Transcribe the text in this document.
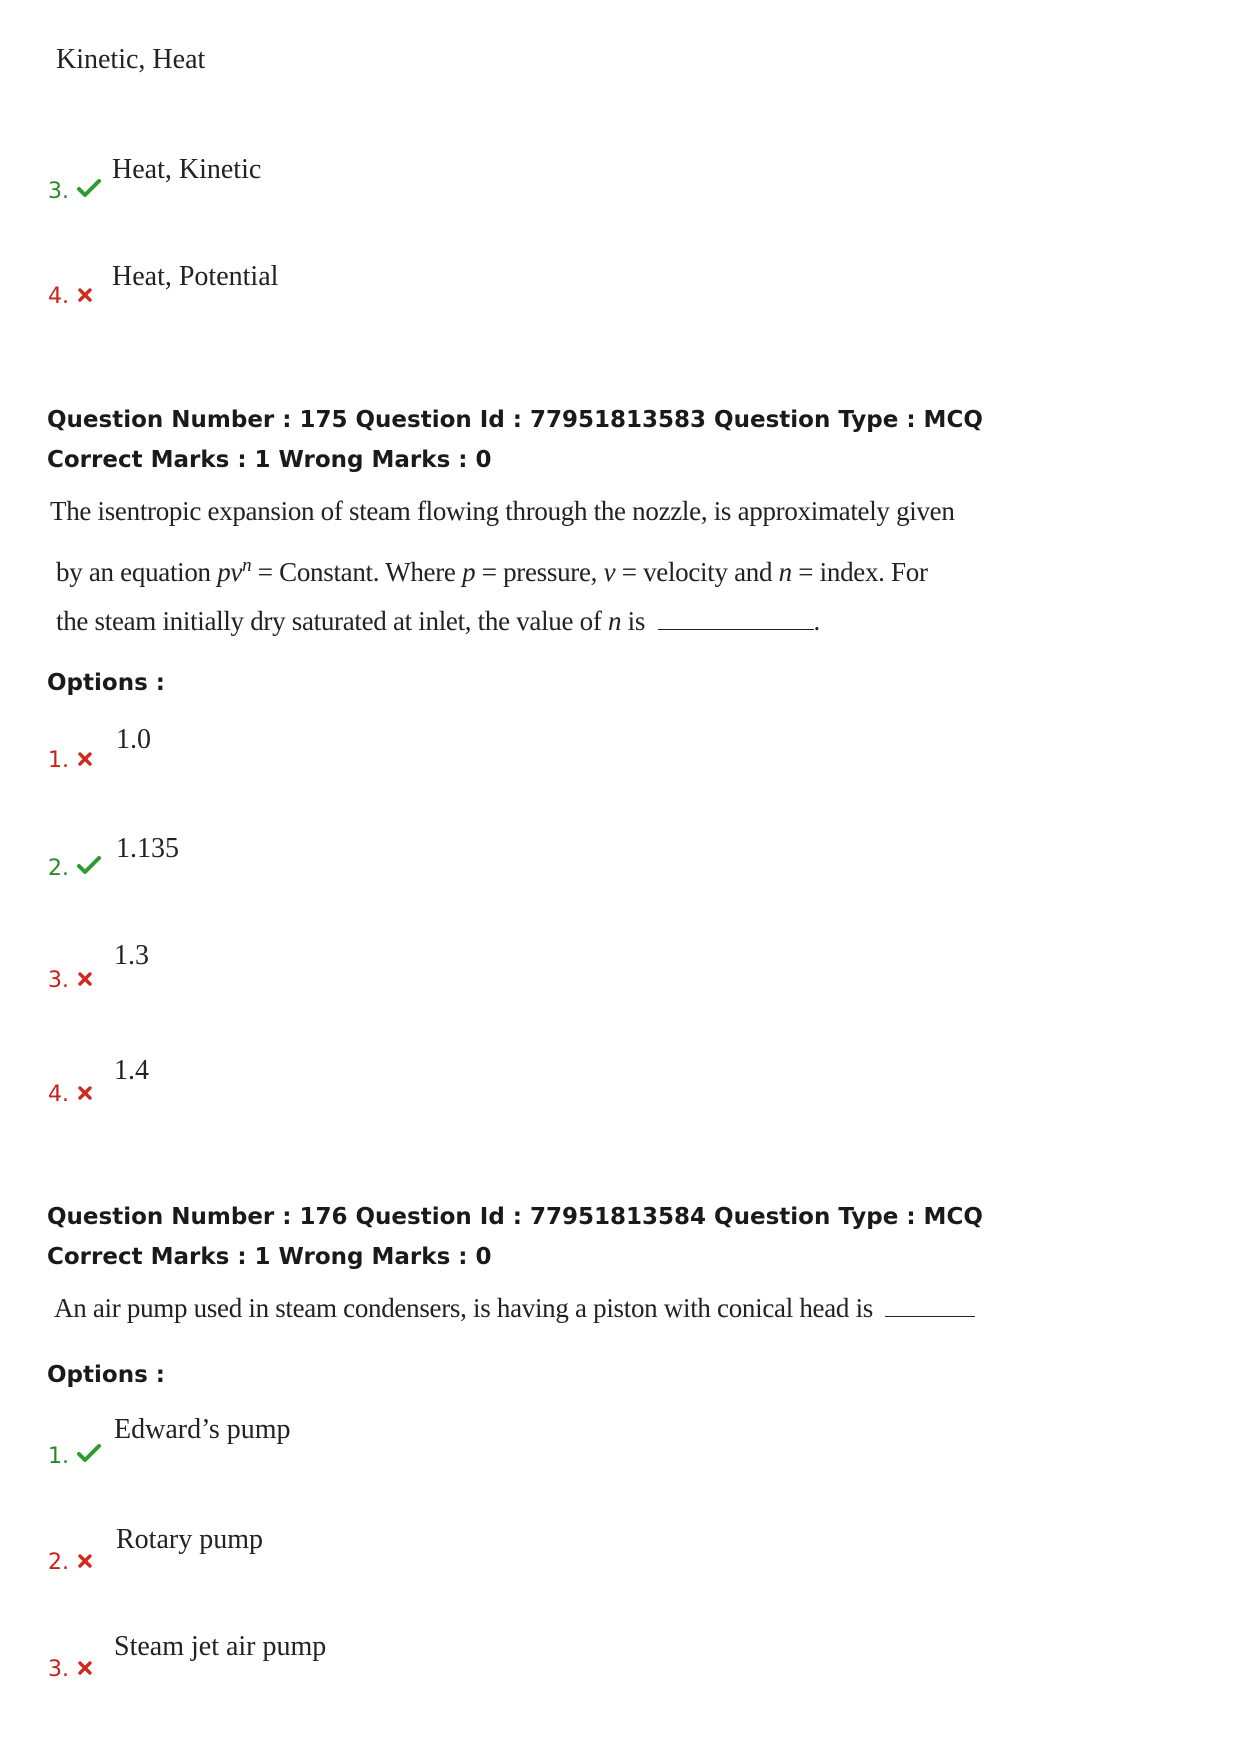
Kinetic, Heat
3.
Heat, Kinetic
4.
Heat, Potential
Question Number : 175 Question Id : 77951813583 Question Type : MCQ
Correct Marks : 1 Wrong Marks : 0
The isentropic expansion of steam flowing through the nozzle, is approximately given
by an equation $pv^n$ = Constant. Where p = pressure, v = velocity and n = index. For
the steam initially dry saturated at inlet, the value of n is	.
Options :
1.
1.0
2.
1.135
3.
1.3
4.
1.4
Question Number : 176 Question Id : 77951813584 Question Type : MCQ
Correct Marks : 1 Wrong Marks : 0
An air pump used in steam condensers, is having a piston with conical head is
Options :
1.
Edward’s pump
2.
Rotary pump
3.
Steam jet air pump
